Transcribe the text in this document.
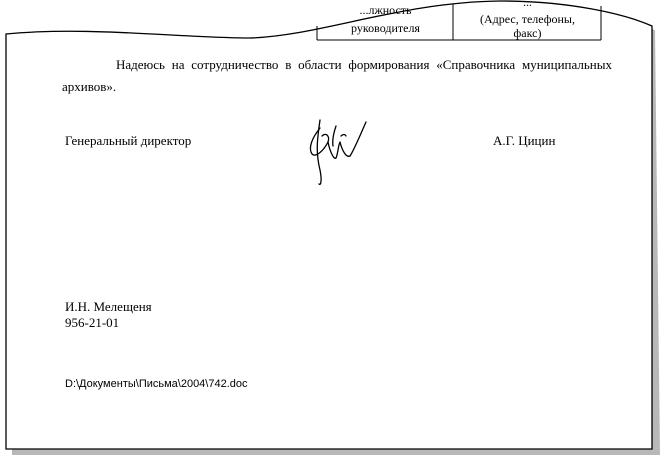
...лжность
руководителя
...
(Адрес, телефоны,
факс)
Надеюсь на сотрудничество в области формирования «Справочника муниципальных
архивов».
Генеральный директор	А.Г. Цицин
И.Н. Мелещеня
956-21-01
D:\Документы\Письма\2004\742.doc
